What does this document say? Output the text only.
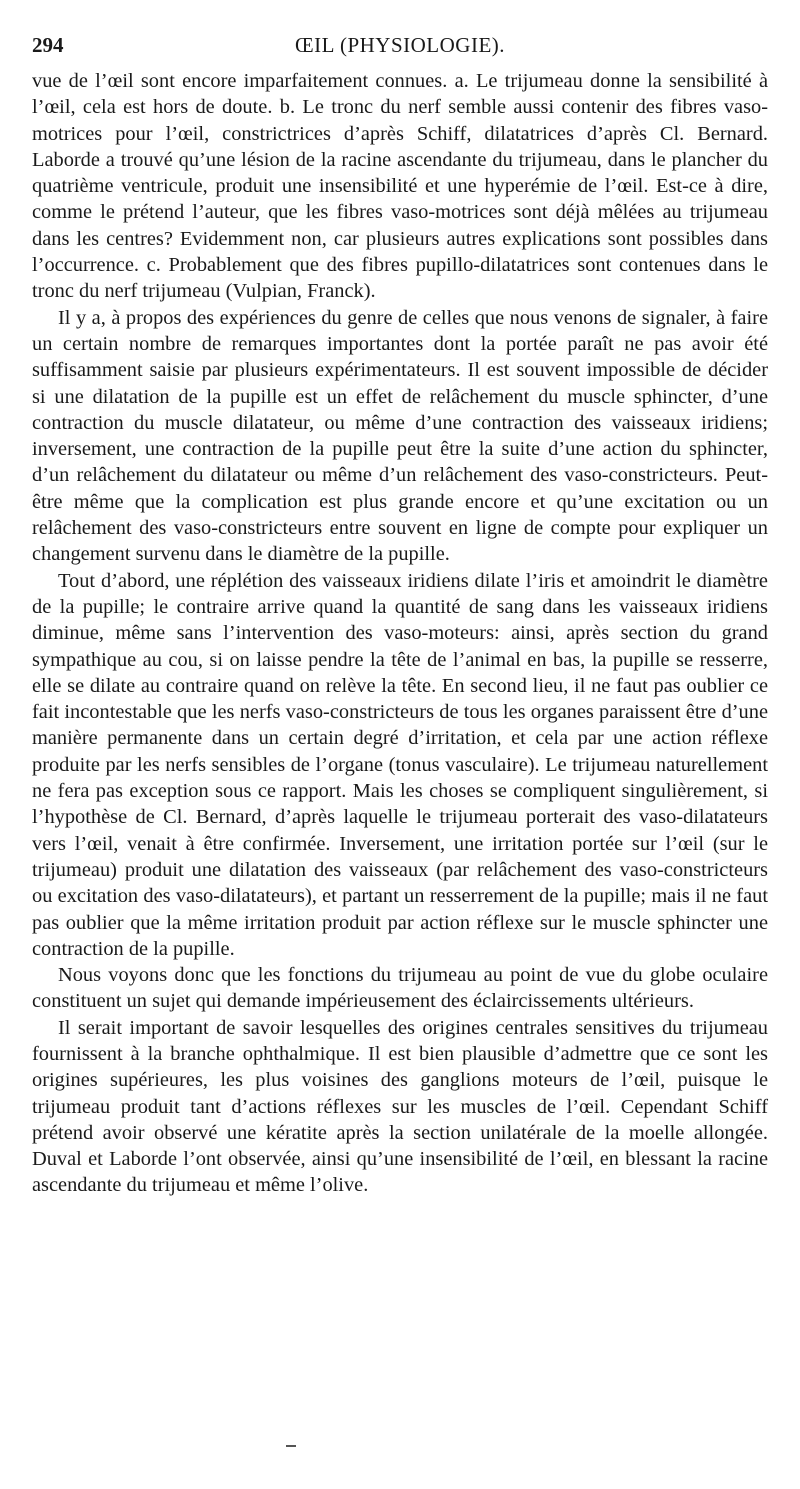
294	ŒIL (PHYSIOLOGIE).

vue de l’œil sont encore imparfaitement connues. a. Le trijumeau donne la sensibilité à l’œil, cela est hors de doute. b. Le tronc du nerf semble aussi contenir des fibres vaso-motrices pour l’œil, constrictrices d’après Schiff, dilatatrices d’après Cl. Bernard. Laborde a trouvé qu’une lésion de la racine ascendante du trijumeau, dans le plancher du quatrième ventricule, produit une insensibilité et une hyperémie de l’œil. Est-ce à dire, comme le prétend l’auteur, que les fibres vaso-motrices sont déjà mêlées au trijumeau dans les centres? Evidemment non, car plusieurs autres explications sont possibles dans l’occurrence. c. Probablement que des fibres pupillo-dilatatrices sont contenues dans le tronc du nerf trijumeau (Vulpian, Franck).

Il y a, à propos des expériences du genre de celles que nous venons de signaler, à faire un certain nombre de remarques importantes dont la portée paraît ne pas avoir été suffisamment saisie par plusieurs expérimentateurs. Il est souvent impossible de décider si une dilatation de la pupille est un effet de relâchement du muscle sphincter, d’une contraction du muscle dilatateur, ou même d’une contraction des vaisseaux iridiens; inversement, une contraction de la pupille peut être la suite d’une action du sphincter, d’un relâchement du dilatateur ou même d’un relâchement des vaso-constricteurs. Peut-être même que la complication est plus grande encore et qu’une excitation ou un relâchement des vaso-constricteurs entre souvent en ligne de compte pour expliquer un changement survenu dans le diamètre de la pupille.

Tout d’abord, une réplétion des vaisseaux iridiens dilate l’iris et amoindrit le diamètre de la pupille; le contraire arrive quand la quantité de sang dans les vaisseaux iridiens diminue, même sans l’intervention des vaso-moteurs: ainsi, après section du grand sympathique au cou, si on laisse pendre la tête de l’animal en bas, la pupille se resserre, elle se dilate au contraire quand on relève la tête. En second lieu, il ne faut pas oublier ce fait incontestable que les nerfs vaso-constricteurs de tous les organes paraissent être d’une manière permanente dans un certain degré d’irritation, et cela par une action réflexe produite par les nerfs sensibles de l’organe (tonus vasculaire). Le trijumeau naturellement ne fera pas exception sous ce rapport. Mais les choses se compliquent singulièrement, si l’hypothèse de Cl. Bernard, d’après laquelle le trijumeau porterait des vaso-dilatateurs vers l’œil, venait à être confirmée. Inversement, une irritation portée sur l’œil (sur le trijumeau) produit une dilatation des vaisseaux (par relâchement des vaso-constricteurs ou excitation des vaso-dilatateurs), et partant un resserrement de la pupille; mais il ne faut pas oublier que la même irritation produit par action réflexe sur le muscle sphincter une contraction de la pupille.

Nous voyons donc que les fonctions du trijumeau au point de vue du globe oculaire constituent un sujet qui demande impérieusement des éclaircissements ultérieurs.

Il serait important de savoir lesquelles des origines centrales sensitives du trijumeau fournissent à la branche ophthalmique. Il est bien plausible d’admettre que ce sont les origines supérieures, les plus voisines des ganglions moteurs de l’œil, puisque le trijumeau produit tant d’actions réflexes sur les muscles de l’œil. Cependant Schiff prétend avoir observé une kératite après la section unilatérale de la moelle allongée. Duval et Laborde l’ont observée, ainsi qu’une insensibilité de l’œil, en blessant la racine ascendante du trijumeau et même l’olive.
